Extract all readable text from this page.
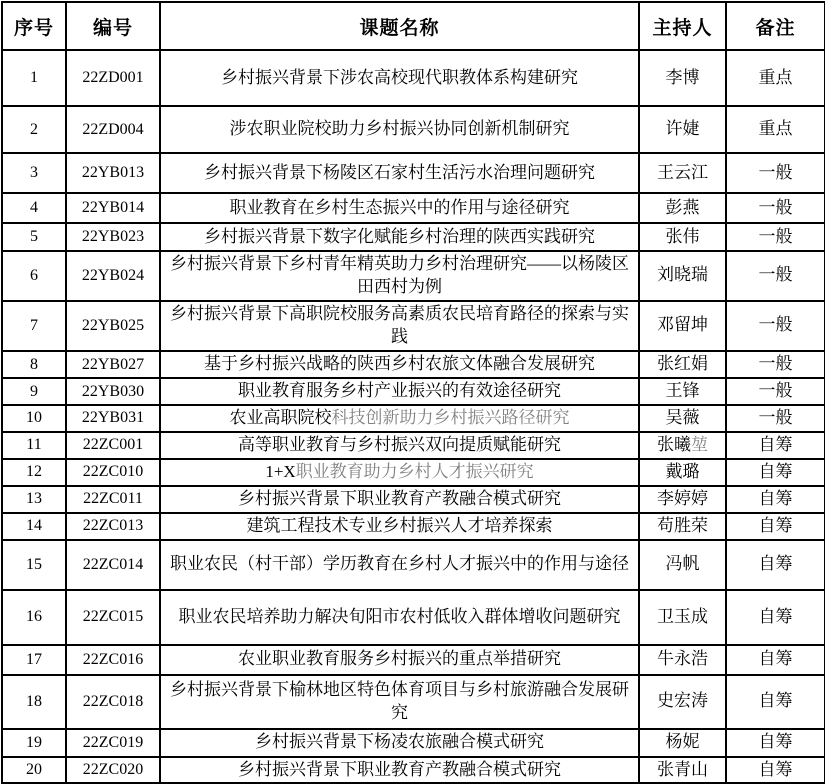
序号	编号	课题名称	主持人	备注
1	22ZD001	乡村振兴背景下涉农高校现代职教体系构建研究	李博	重点
2	22ZD004	涉农职业院校助力乡村振兴协同创新机制研究	许婕	重点
3	22YB013	乡村振兴背景下杨陵区石家村生活污水治理问题研究	王云江	一般
4	22YB014	职业教育在乡村生态振兴中的作用与途径研究	彭燕	一般
5	22YB023	乡村振兴背景下数字化赋能乡村治理的陕西实践研究	张伟	一般
6	22YB024	乡村振兴背景下乡村青年精英助力乡村治理研究——以杨陵区田西村为例	刘晓瑞	一般
7	22YB025	乡村振兴背景下高职院校服务高素质农民培育路径的探索与实践	邓留坤	一般
8	22YB027	基于乡村振兴战略的陕西乡村农旅文体融合发展研究	张红娟	一般
9	22YB030	职业教育服务乡村产业振兴的有效途径研究	王锋	一般
10	22YB031	农业高职院校科技创新助力乡村振兴路径研究	吴薇	一般
11	22ZC001	高等职业教育与乡村振兴双向提质赋能研究	张曦堃	自筹
12	22ZC010	1+X职业教育助力乡村人才振兴研究	戴璐	自筹
13	22ZC011	乡村振兴背景下职业教育产教融合模式研究	李婷婷	自筹
14	22ZC013	建筑工程技术专业乡村振兴人才培养探索	苟胜荣	自筹
15	22ZC014	职业农民（村干部）学历教育在乡村人才振兴中的作用与途径	冯帆	自筹
16	22ZC015	职业农民培养助力解决旬阳市农村低收入群体增收问题研究	卫玉成	自筹
17	22ZC016	农业职业教育服务乡村振兴的重点举措研究	牛永浩	自筹
18	22ZC018	乡村振兴背景下榆林地区特色体育项目与乡村旅游融合发展研究	史宏涛	自筹
19	22ZC019	乡村振兴背景下杨凌农旅融合模式研究	杨妮	自筹
20	22ZC020	乡村振兴背景下职业教育产教融合模式研究	张青山	自筹
